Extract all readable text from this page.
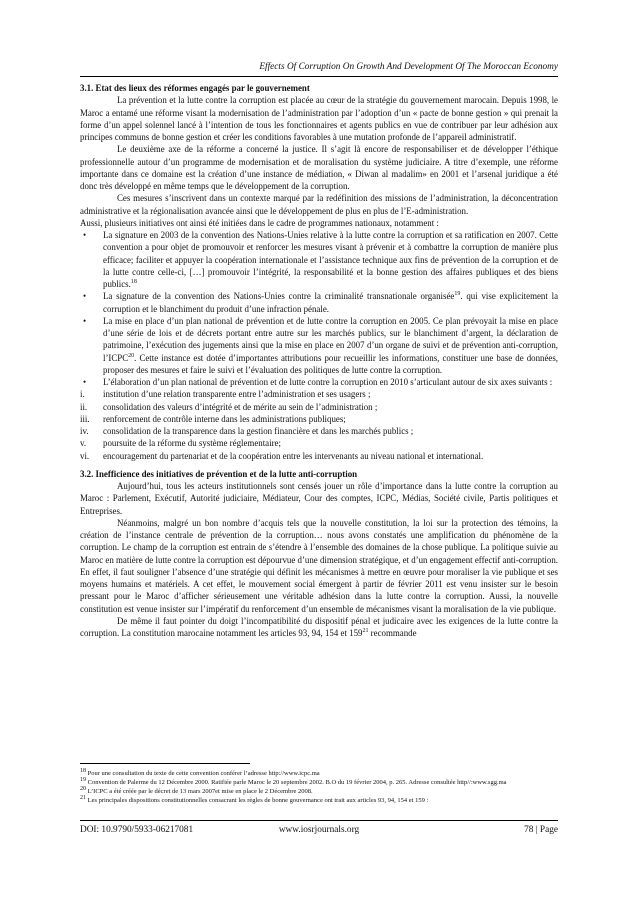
Effects Of Corruption On Growth And Development Of The Moroccan Economy

3.1. Etat des lieux des réformes engagés par le gouvernement

La prévention et la lutte contre la corruption est placée au cœur de la stratégie du gouvernement marocain. Depuis 1998, le Maroc a entamé une réforme visant la modernisation de l’administration par l’adoption d’un « pacte de bonne gestion » qui prenait la forme d’un appel solennel lancé à l’intention de tous les fonctionnaires et agents publics en vue de contribuer par leur adhésion aux principes communs de bonne gestion et créer les conditions favorables à une mutation profonde de l’appareil administratif.

Le deuxième axe de la réforme a concerné la justice. Il s’agit là encore de responsabiliser et de développer l’éthique professionnelle autour d’un programme de modernisation et de moralisation du système judiciaire. A titre d’exemple, une réforme importante dans ce domaine est la création d’une instance de médiation, « Diwan al madalim» en 2001 et l’arsenal juridique a été donc très développé en même temps que le développement de la corruption.

Ces mesures s’inscrivent dans un contexte marqué par la redéfinition des missions de l’administration, la déconcentration administrative et la régionalisation avancée ainsi que le développement de plus en plus de l’E-administration.

Aussi, plusieurs initiatives ont ainsi été initiées dans le cadre de programmes nationaux, notamment :

• La signature en 2003 de la convention des Nations-Unies relative à la lutte contre la corruption et sa ratification en 2007. Cette convention a pour objet de promouvoir et renforcer les mesures visant à prévenir et à combattre la corruption de manière plus efficace; faciliter et appuyer la coopération internationale et l’assistance technique aux fins de prévention de la corruption et de la lutte contre celle-ci, […] promouvoir l’intégrité, la responsabilité et la bonne gestion des affaires publiques et des biens publics.$^{18}$

• La signature de la convention des Nations-Unies contre la criminalité transnationale organisée$^{19}$. qui vise explicitement la corruption et le blanchiment du produit d’une infraction pénale.

• La mise en place d’un plan national de prévention et de lutte contre la corruption en 2005. Ce plan prévoyait la mise en place d’une série de lois et de décrets portant entre autre sur les marchés publics, sur le blanchiment d’argent, la déclaration de patrimoine, l’exécution des jugements ainsi que la mise en place en 2007 d’un organe de suivi et de prévention anti-corruption, l’ICPC$^{20}$. Cette instance est dotée d’importantes attributions pour recueillir les informations, constituer une base de données, proposer des mesures et faire le suivi et l’évaluation des politiques de lutte contre la corruption.

• L’élaboration d’un plan national de prévention et de lutte contre la corruption en 2010 s’articulant autour de six axes suivants :

i. institution d’une relation transparente entre l’administration et ses usagers ;

ii. consolidation des valeurs d’intégrité et de mérite au sein de l’administration ;

iii. renforcement de contrôle interne dans les administrations publiques;

iv. consolidation de la transparence dans la gestion financière et dans les marchés publics ;

v. poursuite de la réforme du système réglementaire;

vi. encouragement du partenariat et de la coopération entre les intervenants au niveau national et international.

3.2. Inefficience des initiatives de prévention et de la lutte anti-corruption

Aujourd’hui, tous les acteurs institutionnels sont censés jouer un rôle d’importance dans la lutte contre la corruption au Maroc : Parlement, Exécutif, Autorité judiciaire, Médiateur, Cour des comptes, ICPC, Médias, Société civile, Partis politiques et Entreprises.

Néanmoins, malgré un bon nombre d’acquis tels que la nouvelle constitution, la loi sur la protection des témoins, la création de l’instance centrale de prévention de la corruption… nous avons constatés une amplification du phénomène de la corruption. Le champ de la corruption est entrain de s’étendre à l’ensemble des domaines de la chose publique. La politique suivie au Maroc en matière de lutte contre la corruption est dépourvue d’une dimension stratégique, et d’un engagement effectif anti-corruption. En effet, il faut souligner l’absence d’une stratégie qui définit les mécanismes à mettre en œuvre pour moraliser la vie publique et ses moyens humains et matériels. A cet effet, le mouvement social émergent à partir de février 2011 est venu insister sur le besoin pressant pour le Maroc d’afficher sérieusement une véritable adhésion dans la lutte contre la corruption. Aussi, la nouvelle constitution est venue insister sur l’impératif du renforcement d’un ensemble de mécanismes visant la moralisation de la vie publique.

De même il faut pointer du doigt l’incompatibilité du dispositif pénal et judicaire avec les exigences de la lutte contre la corruption. La constitution marocaine notamment les articles 93, 94, 154 et $159^{21}$ recommande

$^{18}$ Pour une consultation du texte de cette convention conférer l’adresse http://www.icpc.ma

$^{19}$ Convention de Palerme du 12 Décembre 2000. Ratifiée parle Maroc le 20 septembre 2002. B.O du 19 février 2004, p. 265. Adresse consultée http//:www.sgg.ma

$^{20}$ L’ICPC a été créée par le décret de 13 mars 2007et mise en place le 2 Décembre 2008.

$^{21}$ Les principales dispositions constitutionnelles consacrant les règles de bonne gouvernance ont trait aux articles 93, 94, 154 et 159 :

DOI: 10.9790/5933-06217081	www.iosrjournals.org	78 | Page
